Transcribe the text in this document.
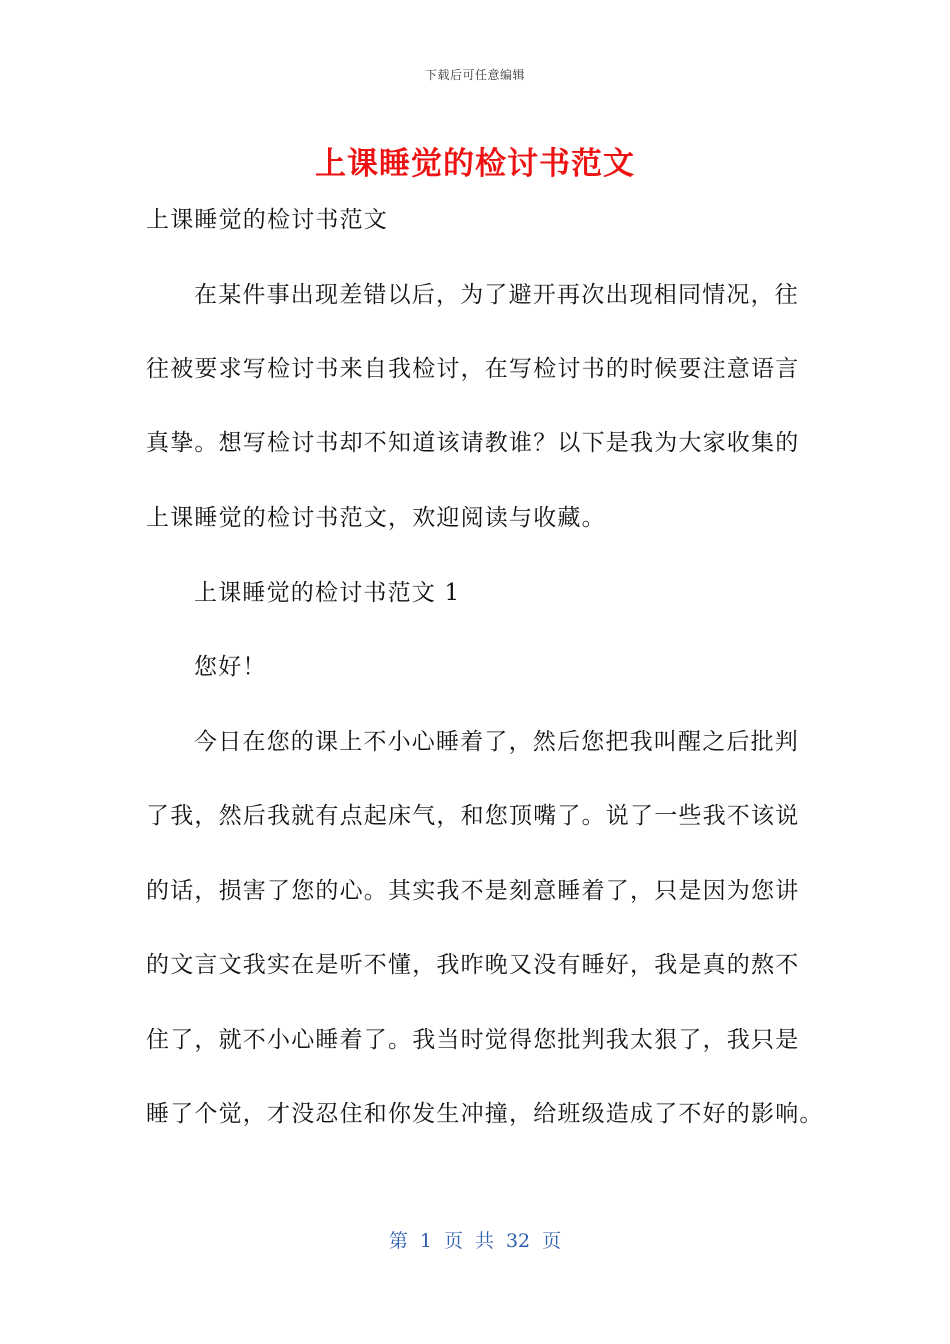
下载后可任意编辑
上课睡觉的检讨书范文
上课睡觉的检讨书范文
在某件事出现差错以后，为了避开再次出现相同情况，往
往被要求写检讨书来自我检讨，在写检讨书的时候要注意语言
真挚。想写检讨书却不知道该请教谁？以下是我为大家收集的
上课睡觉的检讨书范文，欢迎阅读与收藏。
上课睡觉的检讨书范文 1
您好！
今日在您的课上不小心睡着了，然后您把我叫醒之后批判
了我，然后我就有点起床气，和您顶嘴了。说了一些我不该说
的话，损害了您的心。其实我不是刻意睡着了，只是因为您讲
的文言文我实在是听不懂，我昨晚又没有睡好，我是真的熬不
住了，就不小心睡着了。我当时觉得您批判我太狠了，我只是
睡了个觉，才没忍住和你发生冲撞，给班级造成了不好的影响。
第 1 页 共 32 页
